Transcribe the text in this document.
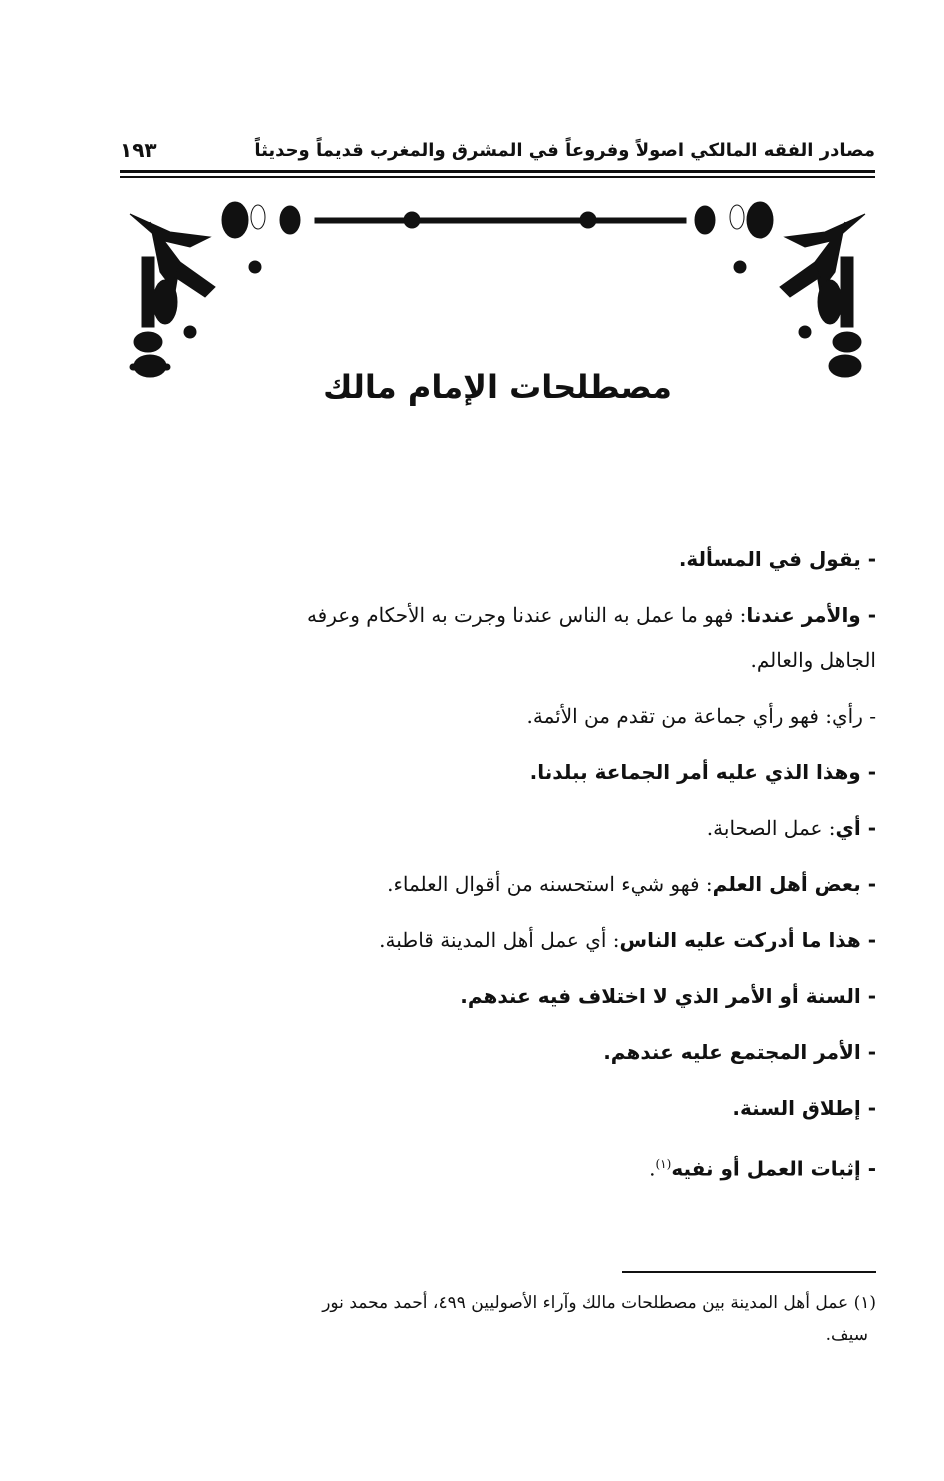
مصادر الفقه المالكي اصولاً وفروعاً في المشرق والمغرب قديماً وحديثاً
١٩٣
مصطلحات الإمام مالك
- يقول في المسألة.
- والأمر عندنا: فهو ما عمل به الناس عندنا وجرت به الأحكام وعرفه
الجاهل والعالم.
- رأي: فهو رأي جماعة من تقدم من الأئمة.
- وهذا الذي عليه أمر الجماعة ببلدنا.
- أي: عمل الصحابة.
- بعض أهل العلم: فهو شيء استحسنه من أقوال العلماء.
- هذا ما أدركت عليه الناس: أي عمل أهل المدينة قاطبة.
- السنة أو الأمر الذي لا اختلاف فيه عندهم.
- الأمر المجتمع عليه عندهم.
- إطلاق السنة.
- إثبات العمل أو نفيه$^{(١)}$.
(١) عمل أهل المدينة بين مصطلحات مالك وآراء الأصوليين ٤٩٩، أحمد محمد نور
سيف.
